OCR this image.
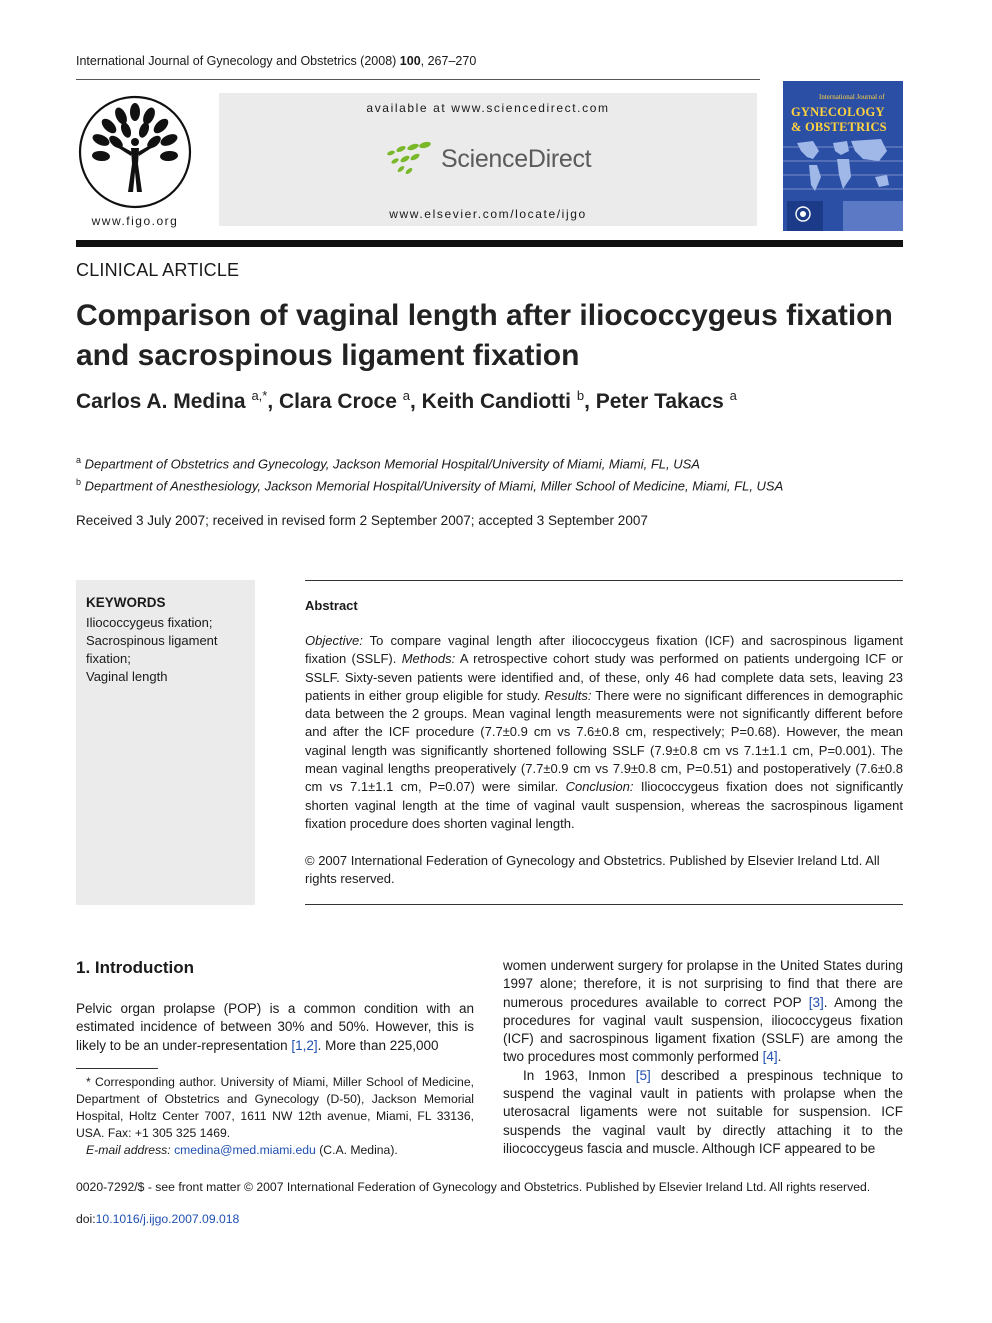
International Journal of Gynecology and Obstetrics (2008) 100, 267–270
www.figo.org
available at www.sciencedirect.com
ScienceDirect
www.elsevier.com/locate/ijgo
International Journal of
GYNECOLOGY
& OBSTETRICS
CLINICAL ARTICLE
Comparison of vaginal length after iliococcygeus fixation and sacrospinous ligament fixation
Carlos A. Medina $^{a,*}$, Clara Croce $^a$, Keith Candiotti $^b$, Peter Takacs $^a$
$^a$ Department of Obstetrics and Gynecology, Jackson Memorial Hospital/University of Miami, Miami, FL, USA
$^b$ Department of Anesthesiology, Jackson Memorial Hospital/University of Miami, Miller School of Medicine, Miami, FL, USA
Received 3 July 2007; received in revised form 2 September 2007; accepted 3 September 2007
KEYWORDS
Iliococcygeus fixation;
Sacrospinous ligament fixation;
Vaginal length
Abstract
Objective: To compare vaginal length after iliococcygeus fixation (ICF) and sacrospinous ligament fixation (SSLF). Methods: A retrospective cohort study was performed on patients undergoing ICF or SSLF. Sixty-seven patients were identified and, of these, only 46 had complete data sets, leaving 23 patients in either group eligible for study. Results: There were no significant differences in demographic data between the 2 groups. Mean vaginal length measurements were not significantly different before and after the ICF procedure (7.7±0.9 cm vs 7.6±0.8 cm, respectively; P=0.68). However, the mean vaginal length was significantly shortened following SSLF (7.9±0.8 cm vs 7.1±1.1 cm, P=0.001). The mean vaginal lengths preoperatively (7.7±0.9 cm vs 7.9±0.8 cm, P=0.51) and postoperatively (7.6±0.8 cm vs 7.1±1.1 cm, P=0.07) were similar. Conclusion: Iliococcygeus fixation does not significantly shorten vaginal length at the time of vaginal vault suspension, whereas the sacrospinous ligament fixation procedure does shorten vaginal length.
© 2007 International Federation of Gynecology and Obstetrics. Published by Elsevier Ireland Ltd. All rights reserved.
1. Introduction
Pelvic organ prolapse (POP) is a common condition with an estimated incidence of between 30% and 50%. However, this is likely to be an under-representation [1,2]. More than 225,000
* Corresponding author. University of Miami, Miller School of Medicine, Department of Obstetrics and Gynecology (D-50), Jackson Memorial Hospital, Holtz Center 7007, 1611 NW 12th avenue, Miami, FL 33136, USA. Fax: +1 305 325 1469.
E-mail address: cmedina@med.miami.edu (C.A. Medina).
women underwent surgery for prolapse in the United States during 1997 alone; therefore, it is not surprising to find that there are numerous procedures available to correct POP [3]. Among the procedures for vaginal vault suspension, iliococcygeus fixation (ICF) and sacrospinous ligament fixation (SSLF) are among the two procedures most commonly performed [4].
In 1963, Inmon [5] described a prespinous technique to suspend the vaginal vault in patients with prolapse when the uterosacral ligaments were not suitable for suspension. ICF suspends the vaginal vault by directly attaching it to the iliococcygeus fascia and muscle. Although ICF appeared to be
0020-7292/$ - see front matter © 2007 International Federation of Gynecology and Obstetrics. Published by Elsevier Ireland Ltd. All rights reserved.
doi:10.1016/j.ijgo.2007.09.018
